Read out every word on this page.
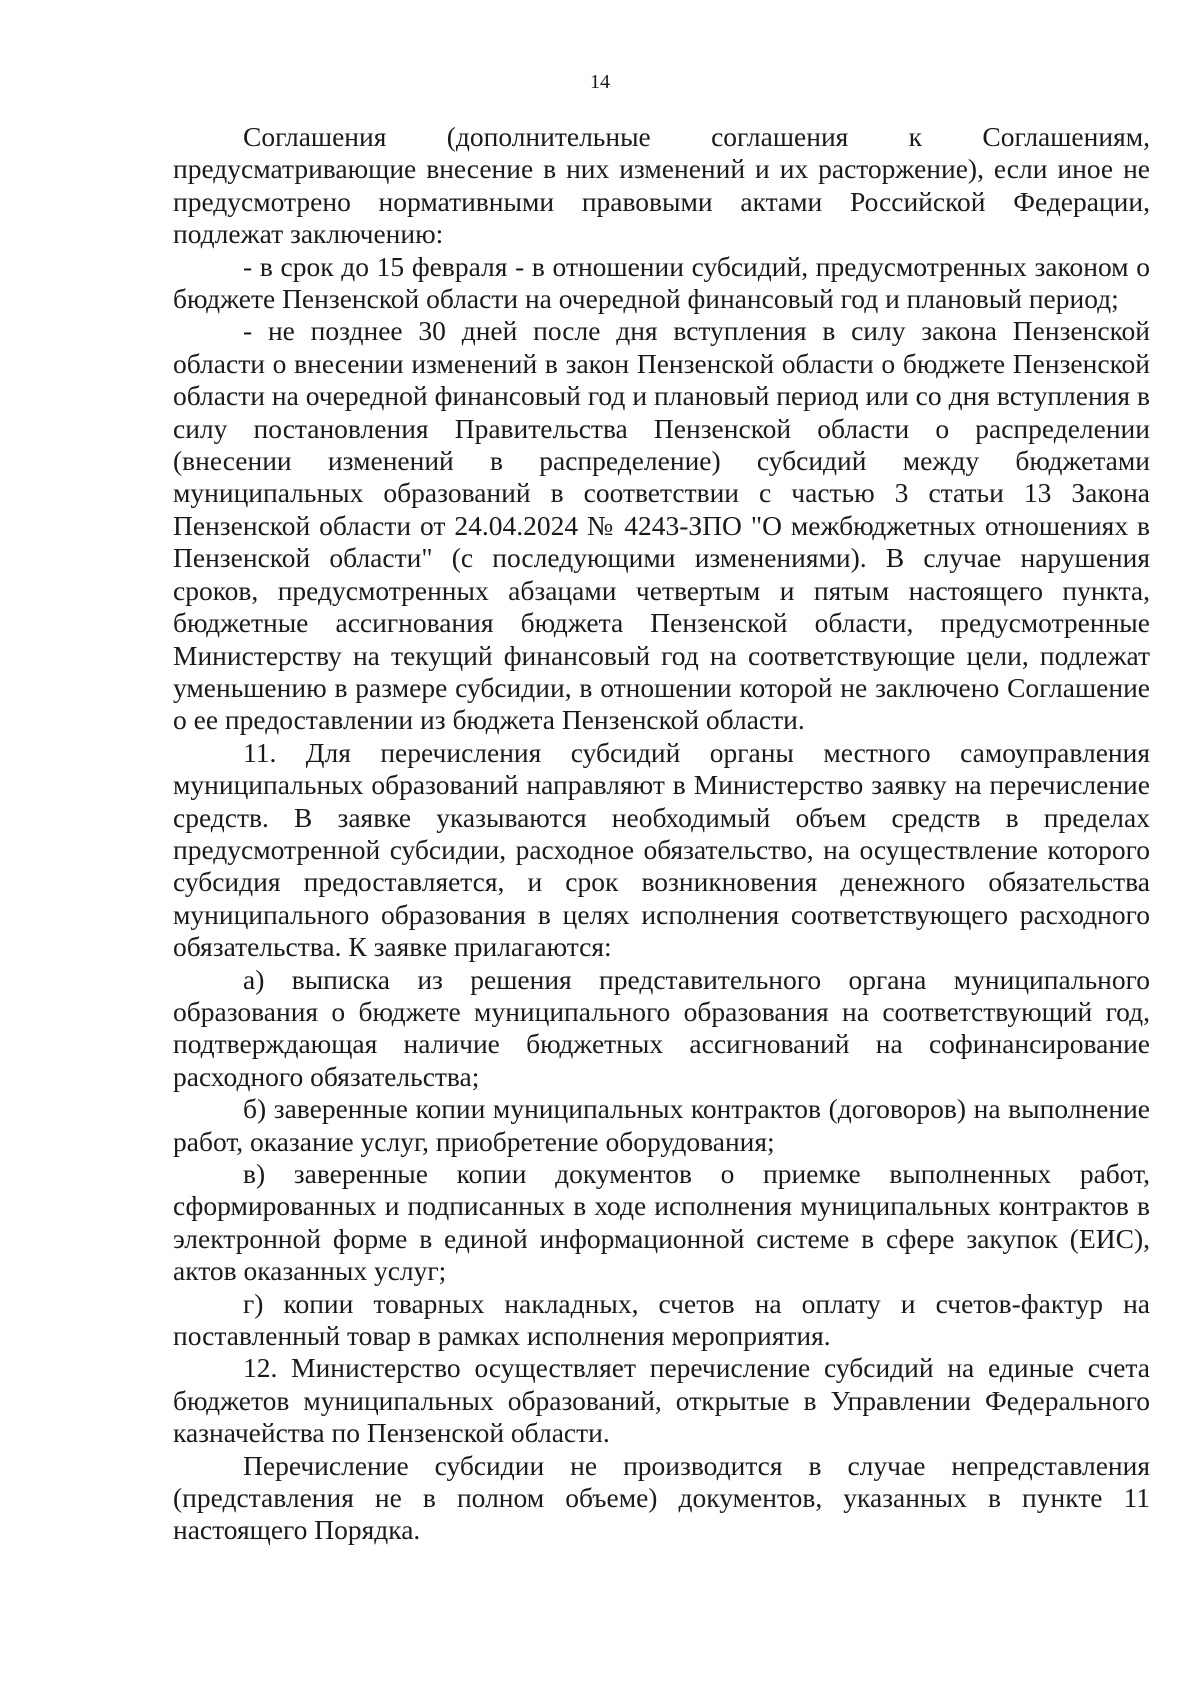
14

Соглашения (дополнительные соглашения к Соглашениям, предусматривающие внесение в них изменений и их расторжение), если иное не предусмотрено нормативными правовыми актами Российской Федерации, подлежат заключению:

- в срок до 15 февраля - в отношении субсидий, предусмотренных законом о бюджете Пензенской области на очередной финансовый год и плановый период;

- не позднее 30 дней после дня вступления в силу закона Пензенской области о внесении изменений в закон Пензенской области о бюджете Пензенской области на очередной финансовый год и плановый период или со дня вступления в силу постановления Правительства Пензенской области о распределении (внесении изменений в распределение) субсидий между бюджетами муниципальных образований в соответствии с частью 3 статьи 13 Закона Пензенской области от 24.04.2024 № 4243-ЗПО "О межбюджетных отношениях в Пензенской области" (с последующими изменениями). В случае нарушения сроков, предусмотренных абзацами четвертым и пятым настоящего пункта, бюджетные ассигнования бюджета Пензенской области, предусмотренные Министерству на текущий финансовый год на соответствующие цели, подлежат уменьшению в размере субсидии, в отношении которой не заключено Соглашение о ее предоставлении из бюджета Пензенской области.

11. Для перечисления субсидий органы местного самоуправления муниципальных образований направляют в Министерство заявку на перечисление средств. В заявке указываются необходимый объем средств в пределах предусмотренной субсидии, расходное обязательство, на осуществление которого субсидия предоставляется, и срок возникновения денежного обязательства муниципального образования в целях исполнения соответствующего расходного обязательства. К заявке прилагаются:

а) выписка из решения представительного органа муниципального образования о бюджете муниципального образования на соответствующий год, подтверждающая наличие бюджетных ассигнований на софинансирование расходного обязательства;

б) заверенные копии муниципальных контрактов (договоров) на выполнение работ, оказание услуг, приобретение оборудования;

в) заверенные копии документов о приемке выполненных работ, сформированных и подписанных в ходе исполнения муниципальных контрактов в электронной форме в единой информационной системе в сфере закупок (ЕИС), актов оказанных услуг;

г) копии товарных накладных, счетов на оплату и счетов-фактур на поставленный товар в рамках исполнения мероприятия.

12. Министерство осуществляет перечисление субсидий на единые счета бюджетов муниципальных образований, открытые в Управлении Федерального казначейства по Пензенской области.

Перечисление субсидии не производится в случае непредставления (представления не в полном объеме) документов, указанных в пункте 11 настоящего Порядка.
